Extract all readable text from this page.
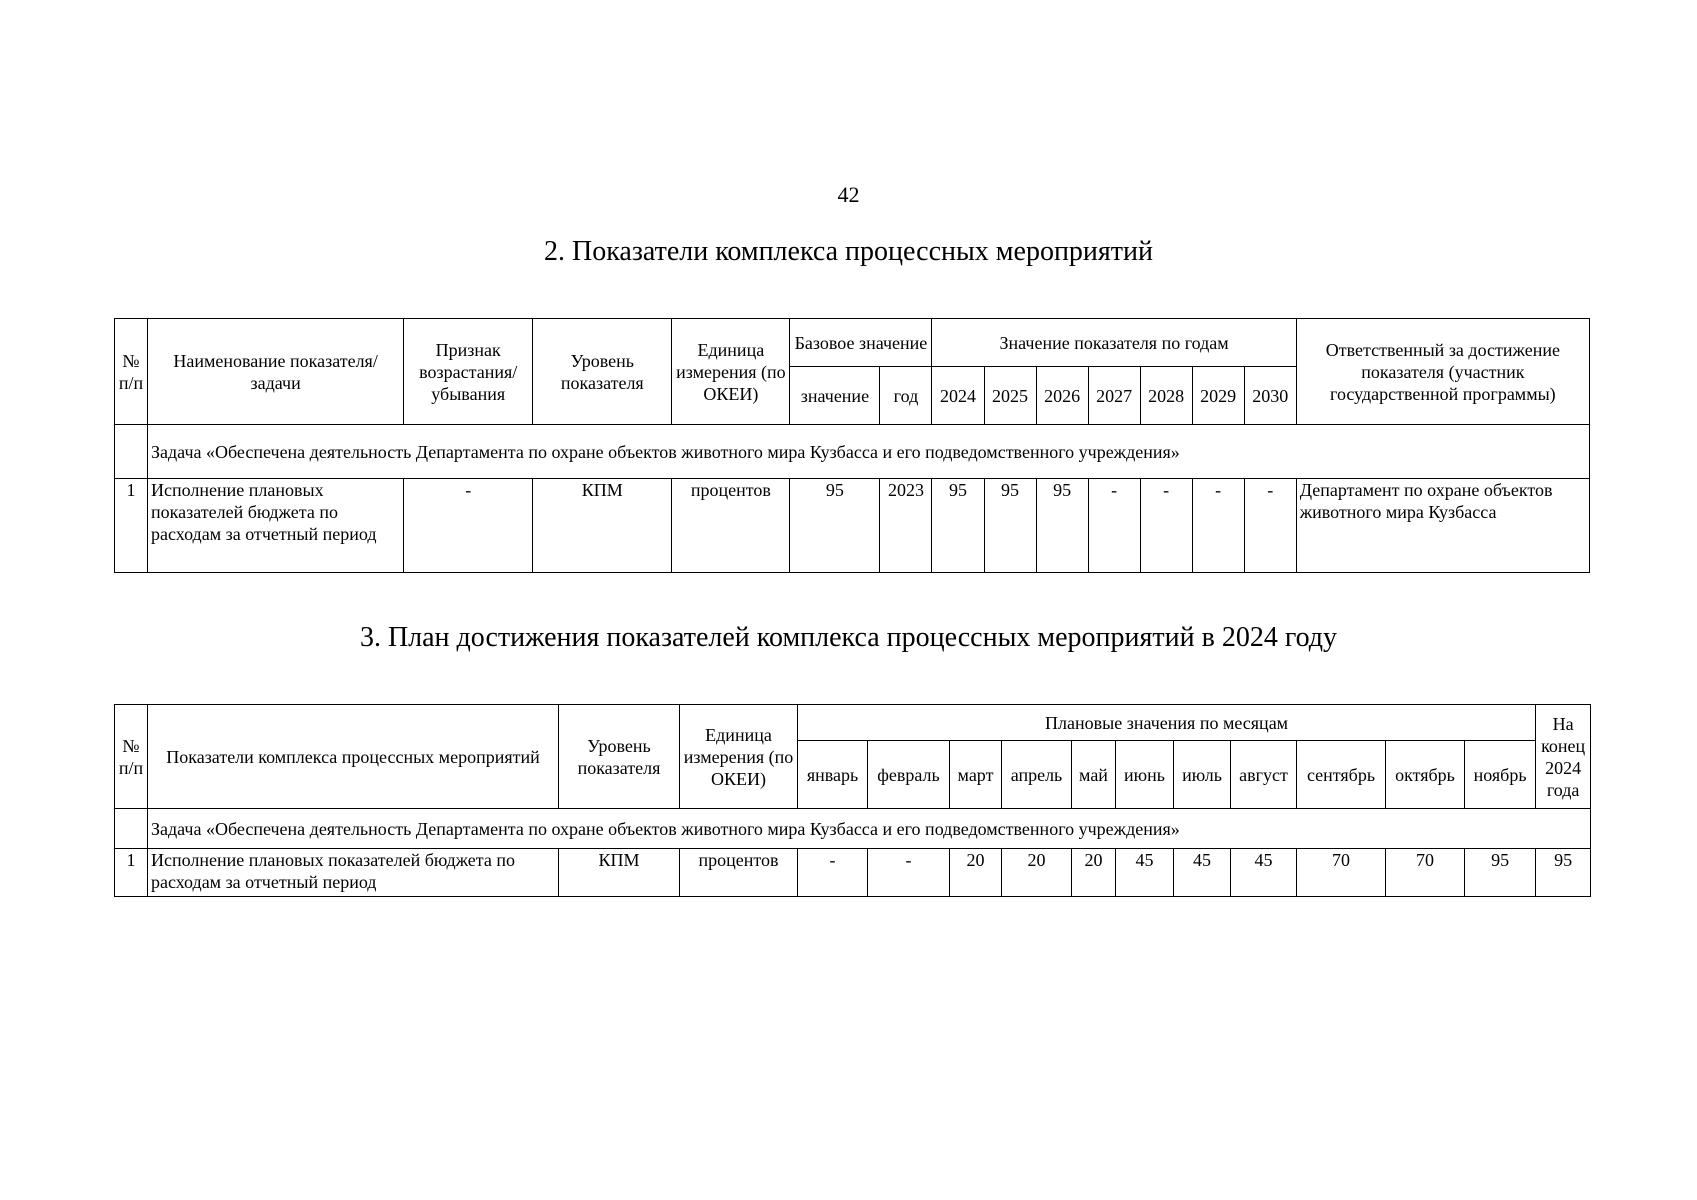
42
2. Показатели комплекса процессных мероприятий
№ п/п	Наименование показателя/задачи	Признак возрастания/ убывания	Уровень показателя	Единица измерения (по ОКЕИ)	Базовое значение		Значение показателя по годам							Ответственный за достижение показателя (участник государственной программы)
					значение	год	2024	2025	2026	2027	2028	2029	2030	
	Задача «Обеспечена деятельность Департамента по охране объектов животного мира Кузбасса и его подведомственного учреждения»													
1	Исполнение плановых показателей бюджета по расходам за отчетный период	-	КПМ	процентов	95	2023	95	95	95	-	-	-	-	Департамент по охране объектов животного мира Кузбасса
3. План достижения показателей комплекса процессных мероприятий в 2024 году
№ п/п	Показатели комплекса процессных мероприятий	Уровень показателя	Единица измерения (по ОКЕИ)	Плановые значения по месяцам											На конец 2024 года
				январь	февраль	март	апрель	май	июнь	июль	август	сентябрь	октябрь	ноябрь	
	Задача «Обеспечена деятельность Департамента по охране объектов животного мира Кузбасса и его подведомственного учреждения»														
1	Исполнение плановых показателей бюджета по расходам за отчетный период	КПМ	процентов	-	-	20	20	20	45	45	45	70	70	95	95
